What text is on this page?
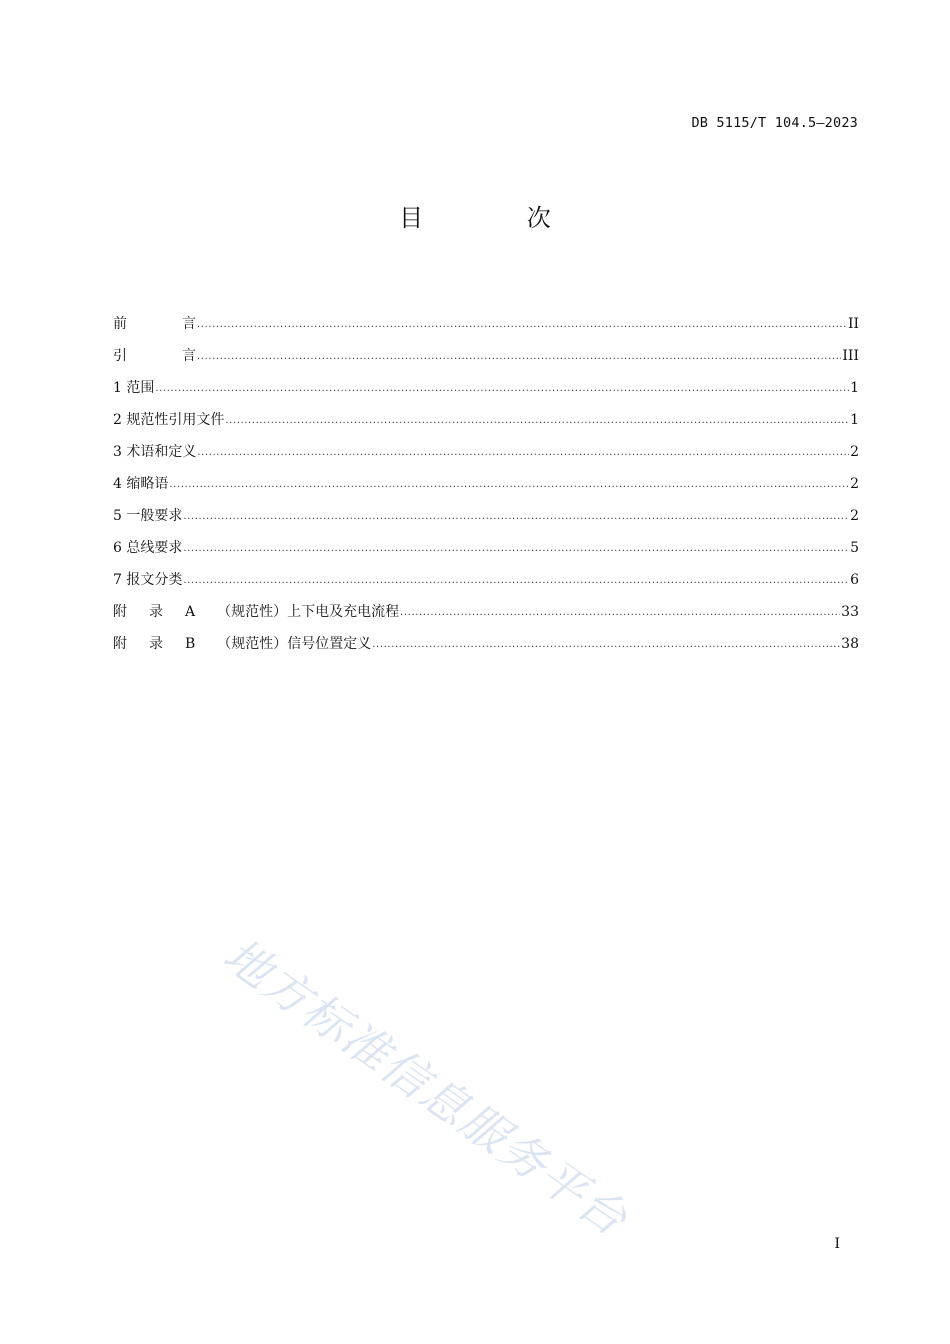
DB 5115/T 104.5—2023
目 次
前	言 .....	II
引	言 .....	III
1 范围 .....	1
2 规范性引用文件 .....	1
3 术语和定义 .....	2
4 缩略语 .....	2
5 一般要求 .....	2
6 总线要求 .....	5
7 报文分类 .....	6
附 录 A （规范性）上下电及充电流程 .....	33
附 录 B （规范性）信号位置定义 .....	38
地方标准信息服务平台	I
